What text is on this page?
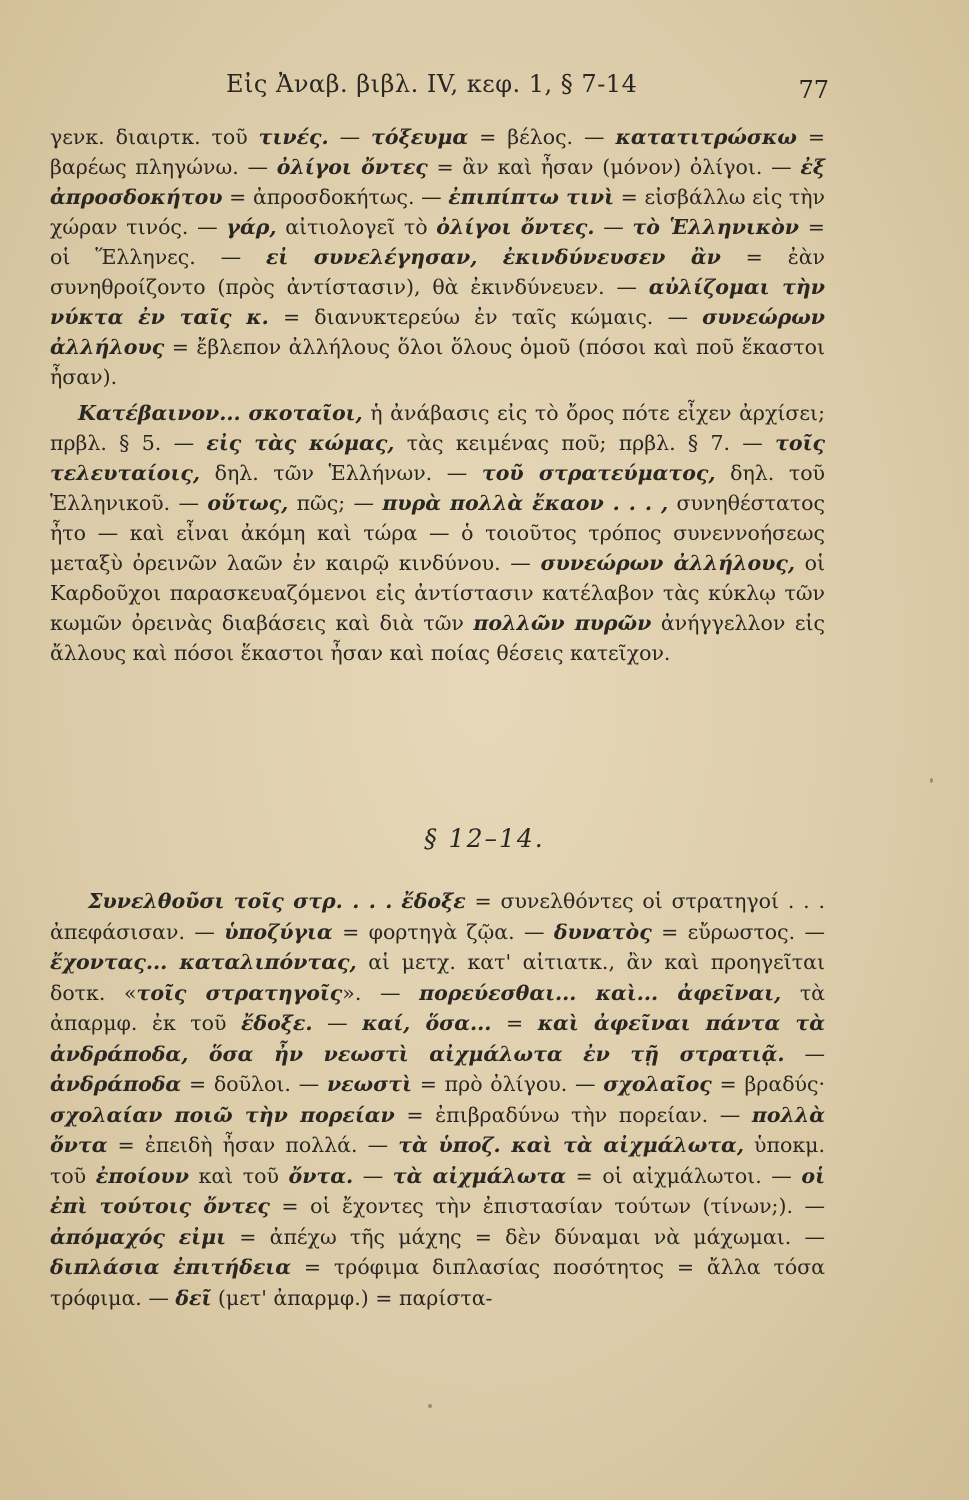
Εἰς Ἀναβ. βιβλ. IV, κεφ. 1, § 7-14	77

γενκ. διαιρτκ. τοῦ τινές. — τόξευμα = βέλος. — κατατιτρώσκω = βαρέως πληγώνω. — ὀλίγοι ὄντες = ἂν καὶ ἦσαν (μόνον) ὀλίγοι. — ἐξ ἀπροσδοκήτου = ἀπροσδοκήτως. — ἐπιπίπτω τινὶ = εἰσβάλλω εἰς τὴν χώραν τινός. — γάρ, αἰτιολογεῖ τὸ ὀλίγοι ὄντες. — τὸ Ἑλληνικὸν = οἱ Ἕλληνες. — εἰ συνελέγησαν, ἐκινδύνευσεν ἂν = ἐὰν συνηθροίζοντο (πρὸς ἀντίστασιν), θὰ ἐκινδύνευεν. — αὐλίζομαι τὴν νύκτα ἐν ταῖς κ. = διανυκτερεύω ἐν ταῖς κώμαις. — συνεώρων ἀλλήλους = ἔβλεπον ἀλλήλους ὅλοι ὅλους ὁμοῦ (πόσοι καὶ ποῦ ἕκαστοι ἦσαν).

Κατέβαινον... σκοταῖοι, ἡ ἀνάβασις εἰς τὸ ὄρος πότε εἶχεν ἀρχίσει; πρβλ. § 5. — εἰς τὰς κώμας, τὰς κειμένας ποῦ; πρβλ. § 7. — τοῖς τελευταίοις, δηλ. τῶν Ἑλλήνων. — τοῦ στρατεύματος, δηλ. τοῦ Ἑλληνικοῦ. — οὕτως, πῶς; — πυρὰ πολλὰ ἔκαον . . . , συνηθέστατος ἦτο — καὶ εἶναι ἀκόμη καὶ τώρα — ὁ τοιοῦτος τρόπος συνεννοήσεως μεταξὺ ὀρεινῶν λαῶν ἐν καιρῷ κινδύνου. — συνεώρων ἀλλήλους, οἱ Καρδοῦχοι παρασκευαζόμενοι εἰς ἀντίστασιν κατέλαβον τὰς κύκλῳ τῶν κωμῶν ὀρεινὰς διαβάσεις καὶ διὰ τῶν πολλῶν πυρῶν ἀνήγγελλον εἰς ἄλλους καὶ πόσοι ἕκαστοι ἦσαν καὶ ποίας θέσεις κατεῖχον.

§ 12–14.

Συνελθοῦσι τοῖς στρ. . . . ἔδοξε = συνελθόντες οἱ στρατηγοί . . . ἀπεφάσισαν. — ὑποζύγια = φορτηγὰ ζῷα. — δυνατὸς = εὔρωστος. — ἔχοντας... καταλιπόντας, αἱ μετχ. κατ' αἰτιατκ., ἂν καὶ προηγεῖται δοτκ. «τοῖς στρατηγοῖς». — πορεύεσθαι... καὶ... ἀφεῖναι, τὰ ἀπαρμφ. ἐκ τοῦ ἔδοξε. — καί, ὅσα... = καὶ ἀφεῖναι πάντα τὰ ἀνδράποδα, ὅσα ἦν νεωστὶ αἰχμάλωτα ἐν τῇ στρατιᾷ. — ἀνδράποδα = δοῦλοι. — νεωστὶ = πρὸ ὀλίγου. — σχολαῖος = βραδύς· σχολαίαν ποιῶ τὴν πορείαν = ἐπιβραδύνω τὴν πορείαν. — πολλὰ ὄντα = ἐπειδὴ ἦσαν πολλά. — τὰ ὑποζ. καὶ τὰ αἰχμάλωτα, ὑποκμ. τοῦ ἐποίουν καὶ τοῦ ὄντα. — τὰ αἰχμάλωτα = οἱ αἰχμάλωτοι. — οἱ ἐπὶ τούτοις ὄντες = οἱ ἔχοντες τὴν ἐπιστασίαν τούτων (τίνων;). — ἀπόμαχός εἰμι = ἀπέχω τῆς μάχης = δὲν δύναμαι νὰ μάχωμαι. — διπλάσια ἐπιτήδεια = τρόφιμα διπλασίας ποσότητος = ἄλλα τόσα τρόφιμα. — δεῖ (μετ' ἀπαρμφ.) = παρίστα-
